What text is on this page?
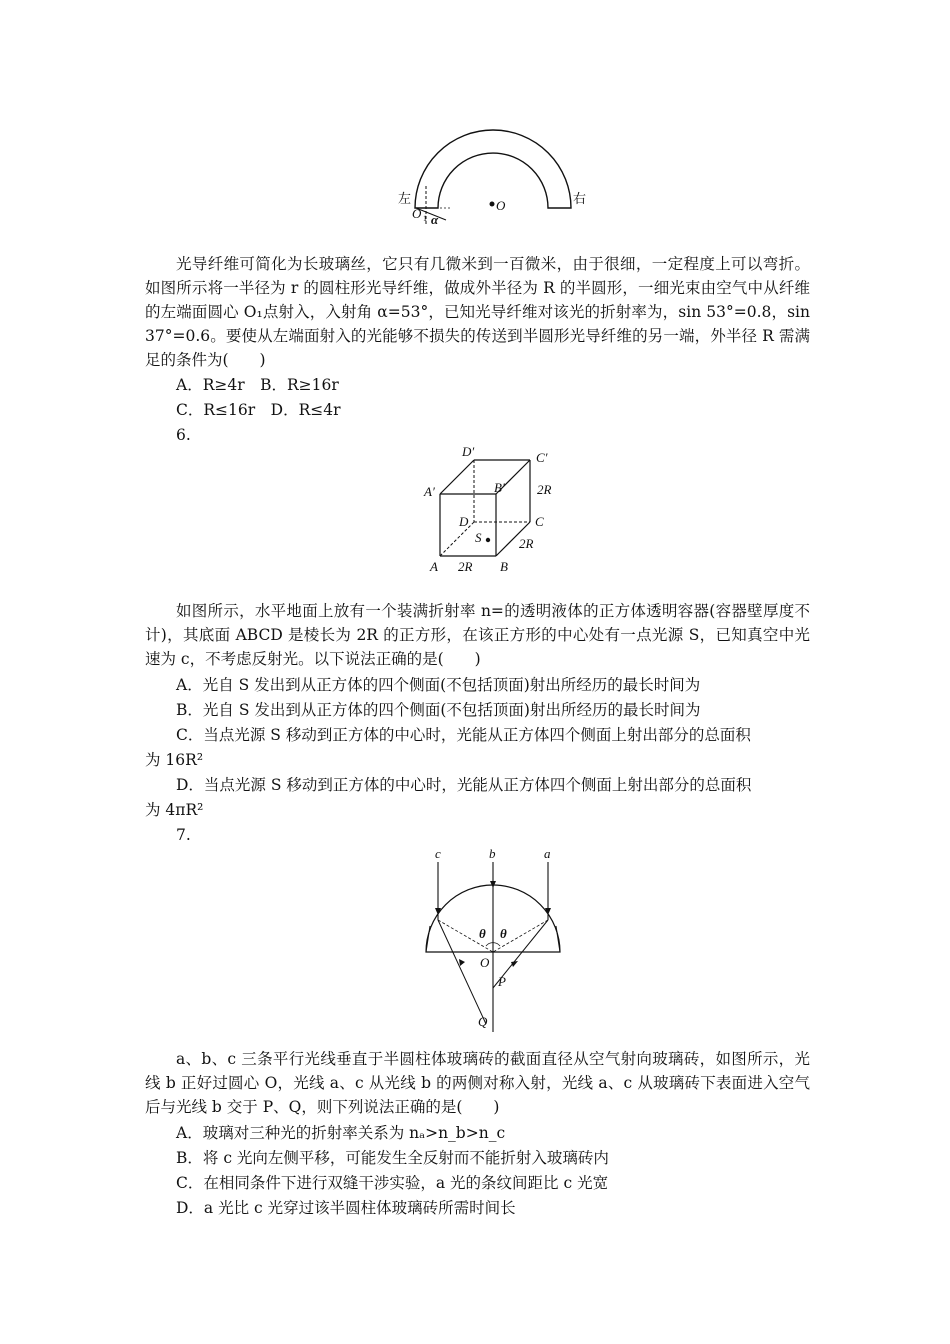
左	右
O
O 1 α
光导纤维可简化为长玻璃丝，它只有几微米到一百微米，由于很细，一定程度上可以弯折。如图所示将一半径为 r 的圆柱形光导纤维，做成外半径为 R 的半圆形，一细光束由空气中从纤维的左端面圆心 O₁点射入，入射角 α=53°，已知光导纤维对该光的折射率为，sin 53°=0.8，sin 37°=0.6。要使从左端面射入的光能够不损失的传送到半圆形光导纤维的另一端，外半径 R 需满足的条件为(　　)
A．R≥4r　B．R≥16r
C．R≤16r　D．R≤4r
6.
D′	C′
A′	B′ 2R
D	C
S	2R
A 2R B
如图所示，水平地面上放有一个装满折射率 n=的透明液体的正方体透明容器(容器壁厚度不计)，其底面 ABCD 是棱长为 2R 的正方形，在该正方形的中心处有一点光源 S，已知真空中光速为 c，不考虑反射光。以下说法正确的是(　　)
A．光自 S 发出到从正方体的四个侧面(不包括顶面)射出所经历的最长时间为
B．光自 S 发出到从正方体的四个侧面(不包括顶面)射出所经历的最长时间为
C．当点光源 S 移动到正方体的中心时，光能从正方体四个侧面上射出部分的总面积
为 16R²
D．当点光源 S 移动到正方体的中心时，光能从正方体四个侧面上射出部分的总面积
为 4πR²
7.
c	b	a
θ θ
O
P
Q
a、b、c 三条平行光线垂直于半圆柱体玻璃砖的截面直径从空气射向玻璃砖，如图所示，光线 b 正好过圆心 O，光线 a、c 从光线 b 的两侧对称入射，光线 a、c 从玻璃砖下表面进入空气后与光线 b 交于 P、Q，则下列说法正确的是(　　)
A．玻璃对三种光的折射率关系为 nₐ>n_b>n_c
B．将 c 光向左侧平移，可能发生全反射而不能折射入玻璃砖内
C．在相同条件下进行双缝干涉实验，a 光的条纹间距比 c 光宽
D．a 光比 c 光穿过该半圆柱体玻璃砖所需时间长
